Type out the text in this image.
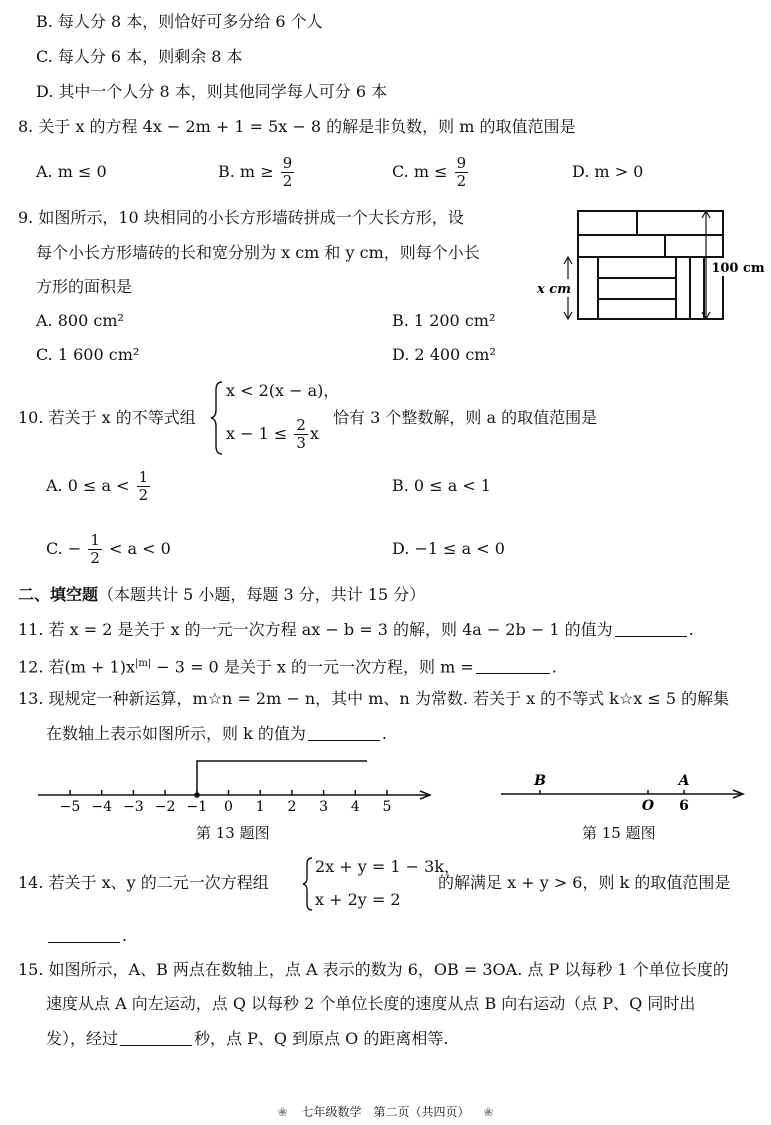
B. 每人分 8 本，则恰好可多分给 6 个人
C. 每人分 6 本，则剩余 8 本
D. 其中一个人分 8 本，则其他同学每人可分 6 本
8. 关于 x 的方程 4x − 2m + 1 = 5x − 8 的解是非负数，则 m 的取值范围是
A. m ≤ 0	B. $m \ge \frac{9}{2}$	C. $m \le \frac{9}{2}$	D. m > 0
9. 如图所示，10 块相同的小长方形墙砖拼成一个大长方形，设
每个小长方形墙砖的长和宽分别为 x cm 和 y cm，则每个小长
方形的面积是
A. 800 cm²	B. 1 200 cm²
C. 1 600 cm²	D. 2 400 cm²
100 cm
x cm
10. 若关于 x 的不等式组
x < 2(x − a)，
$x - 1 \le \frac{2}{3}$ x
恰有 3 个整数解，则 a 的取值范围是
A. $0 \le a < \frac{1}{2}$	B. 0 ≤ a < 1
C. − $\frac{1}{2} < a < 0$	D. −1 ≤ a < 0
二、填空题（本题共计 5 小题，每题 3 分，共计 15 分）
11. 若 x = 2 是关于 x 的一元一次方程 ax − b = 3 的解，则 4a − 2b − 1 的值为	.
12. 若$(m + 1)x^{|m|} - 3 = 0$ 是关于 x 的一元一次方程，则 m =	.
13. 现规定一种新运算，m☆n = 2m − n，其中 m、n 为常数. 若关于 x 的不等式 k☆x ≤ 5 的解集
在数轴上表示如图所示，则 k 的值为	.
−5 −4 −3 −2 −1 0 1 2 3 4 5
第 13 题图
B	A
O 6
第 15 题图
14. 若关于 x、y 的二元一次方程组
2x + y = 1 − 3k，
x + 2y = 2
的解满足 x + y > 6，则 k 的取值范围是
.
15. 如图所示，A、B 两点在数轴上，点 A 表示的数为 6，OB = 3OA. 点 P 以每秒 1 个单位长度的
速度从点 A 向左运动，点 Q 以每秒 2 个单位长度的速度从点 B 向右运动（点 P、Q 同时出
发），经过	秒，点 P、Q 到原点 O 的距离相等.
❀ 七年级数学　第二页（共四页） ❀
